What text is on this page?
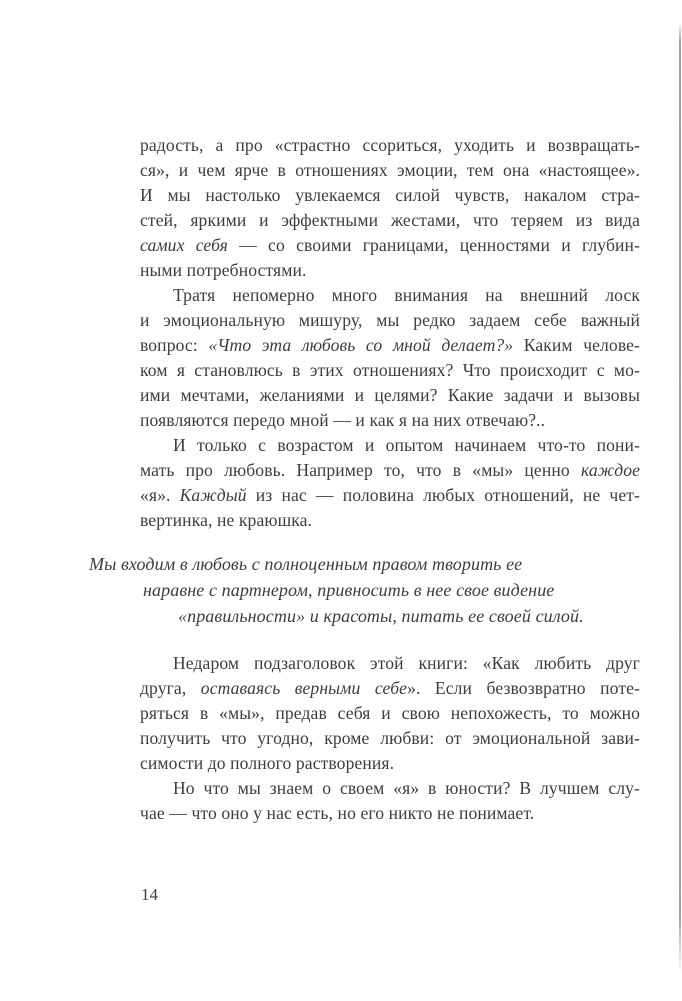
радость, а про «страстно ссориться, уходить и возвращать-
ся», и чем ярче в отношениях эмоции, тем она «настоящее».
И мы настолько увлекаемся силой чувств, накалом стра-
стей, яркими и эффектными жестами, что теряем из вида
самих себя — со своими границами, ценностями и глубин-
ными потребностями.
Тратя непомерно много внимания на внешний лоск
и эмоциональную мишуру, мы редко задаем себе важный
вопрос: «Что эта любовь со мной делает?» Каким челове-
ком я становлюсь в этих отношениях? Что происходит с мо-
ими мечтами, желаниями и целями? Какие задачи и вызовы
появляются передо мной — и как я на них отвечаю?..
И только с возрастом и опытом начинаем что-то пони-
мать про любовь. Например то, что в «мы» ценно каждое
«я». Каждый из нас — половина любых отношений, не чет-
вертинка, не краюшка.
Мы входим в любовь с полноценным правом творить ее
наравне с партнером, привносить в нее свое видение
«правильности» и красоты, питать ее своей силой.
Недаром подзаголовок этой книги: «Как любить друг
друга, оставаясь верными себе». Если безвозвратно поте-
ряться в «мы», предав себя и свою непохожесть, то можно
получить что угодно, кроме любви: от эмоциональной зави-
симости до полного растворения.
Но что мы знаем о своем «я» в юности? В лучшем слу-
чае — что оно у нас есть, но его никто не понимает.
14
